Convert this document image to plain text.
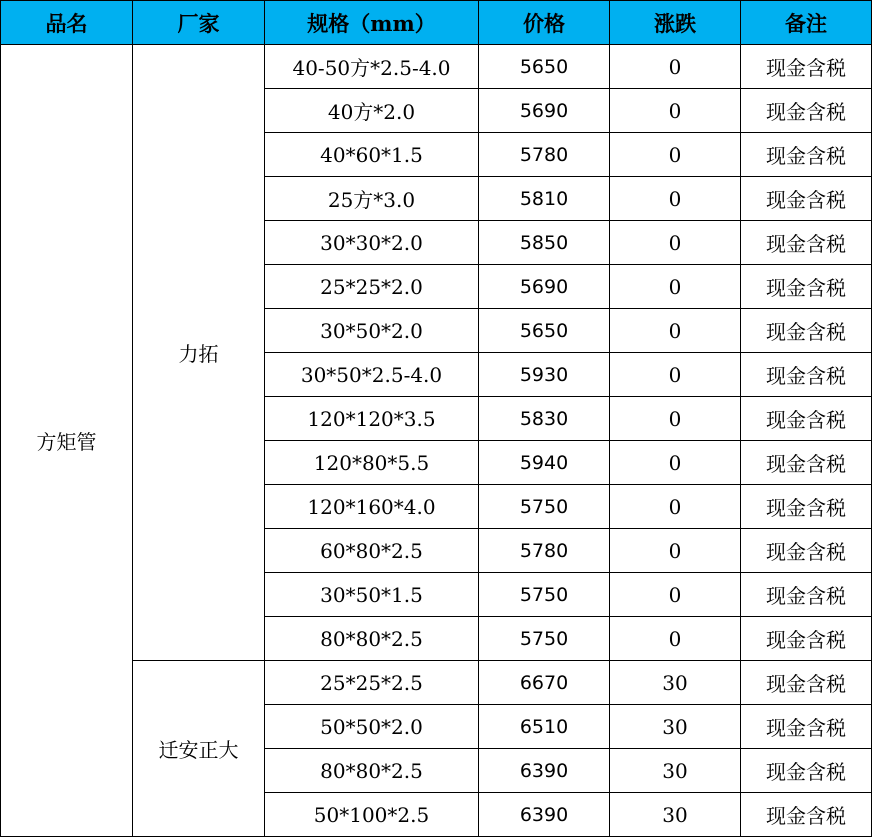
品名	厂家	规格（mm）	价格	涨跌	备注
方矩管	力拓	40-50方*2.5-4.0	5650	0	现金含税
		40方*2.0	5690	0	现金含税
		40*60*1.5	5780	0	现金含税
		25方*3.0	5810	0	现金含税
		30*30*2.0	5850	0	现金含税
		25*25*2.0	5690	0	现金含税
		30*50*2.0	5650	0	现金含税
		30*50*2.5-4.0	5930	0	现金含税
		120*120*3.5	5830	0	现金含税
		120*80*5.5	5940	0	现金含税
		120*160*4.0	5750	0	现金含税
		60*80*2.5	5780	0	现金含税
		30*50*1.5	5750	0	现金含税
		80*80*2.5	5750	0	现金含税
	迁安正大	25*25*2.5	6670	30	现金含税
		50*50*2.0	6510	30	现金含税
		80*80*2.5	6390	30	现金含税
		50*100*2.5	6390	30	现金含税
